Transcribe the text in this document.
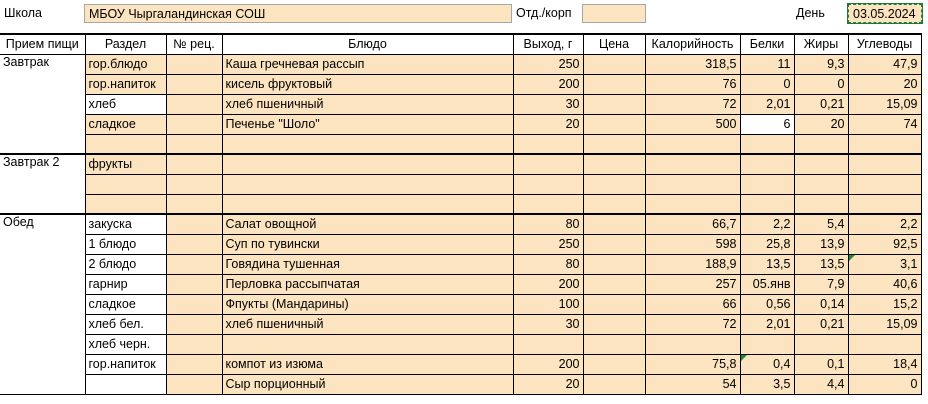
Школа	МБОУ Чыргаландинская СОШ	Отд./корп	День	03.05.2024
Прием пищи	Раздел	№ рец.	Блюдо	Выход, г	Цена	Калорийность	Белки	Жиры	Углеводы
Завтрак	гор.блюдо		Каша гречневая рассып	250		318,5	11	9,3	47,9
	гор.напиток		кисель фруктовый	200		76	0	0	20
	хлеб		хлеб пшеничный	30		72	2,01	0,21	15,09
	сладкое		Печенье "Шоло"	20		500	6	20	74

Завтрак 2	фрукты								

Обед	закуска		Салат овощной	80		66,7	2,2	5,4	2,2
	1 блюдо		Суп по тувински	250		598	25,8	13,9	92,5
	2 блюдо		Говядина тушенная	80		188,9	13,5	13,5	3,1
	гарнир		Перловка рассыпчатая	200		257	05.янв	7,9	40,6
	сладкое		Фпукты (Мандарины)	100		66	0,56	0,14	15,2
	хлеб бел.		хлеб пшеничный	30		72	2,01	0,21	15,09
	хлеб черн.								
	гор.напиток		компот из изюма	200		75,8	0,4	0,1	18,4
			Сыр порционный	20		54	3,5	4,4	0
